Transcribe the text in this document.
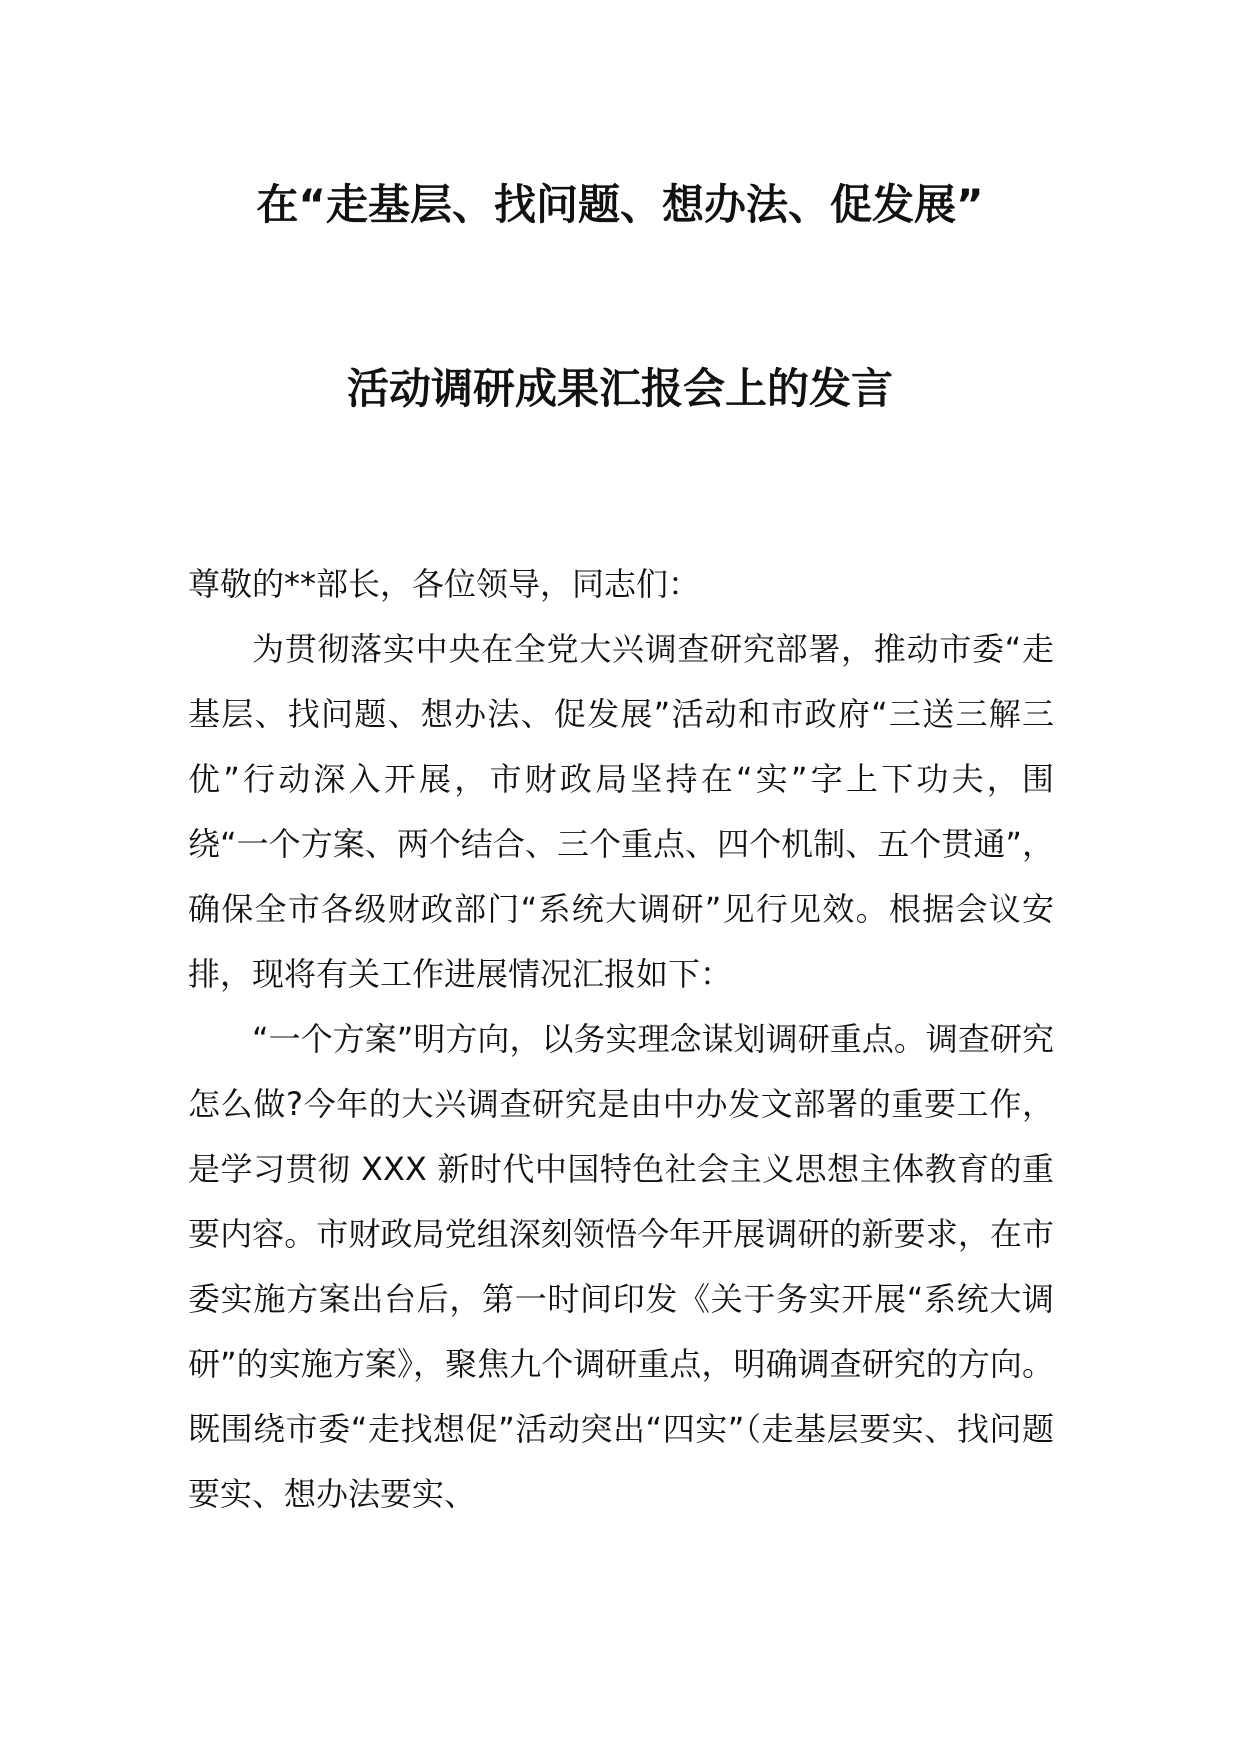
在“走基层、找问题、想办法、促发展”
活动调研成果汇报会上的发言

尊敬的**部长，各位领导，同志们：

为贯彻落实中央在全党大兴调查研究部署，推动市委“走基层、找问题、想办法、促发展”活动和市政府“三送三解三优”行动深入开展，市财政局坚持在“实”字上下功夫，围绕“一个方案、两个结合、三个重点、四个机制、五个贯通”，确保全市各级财政部门“系统大调研”见行见效。根据会议安排，现将有关工作进展情况汇报如下：

“一个方案”明方向，以务实理念谋划调研重点。调查研究怎么做?今年的大兴调查研究是由中办发文部署的重要工作，是学习贯彻 XXX 新时代中国特色社会主义思想主体教育的重要内容。市财政局党组深刻领悟今年开展调研的新要求，在市委实施方案出台后，第一时间印发《关于务实开展“系统大调研”的实施方案》，聚焦九个调研重点，明确调查研究的方向。既围绕市委“走找想促”活动突出“四实”（走基层要实、找问题要实、想办法要实、
